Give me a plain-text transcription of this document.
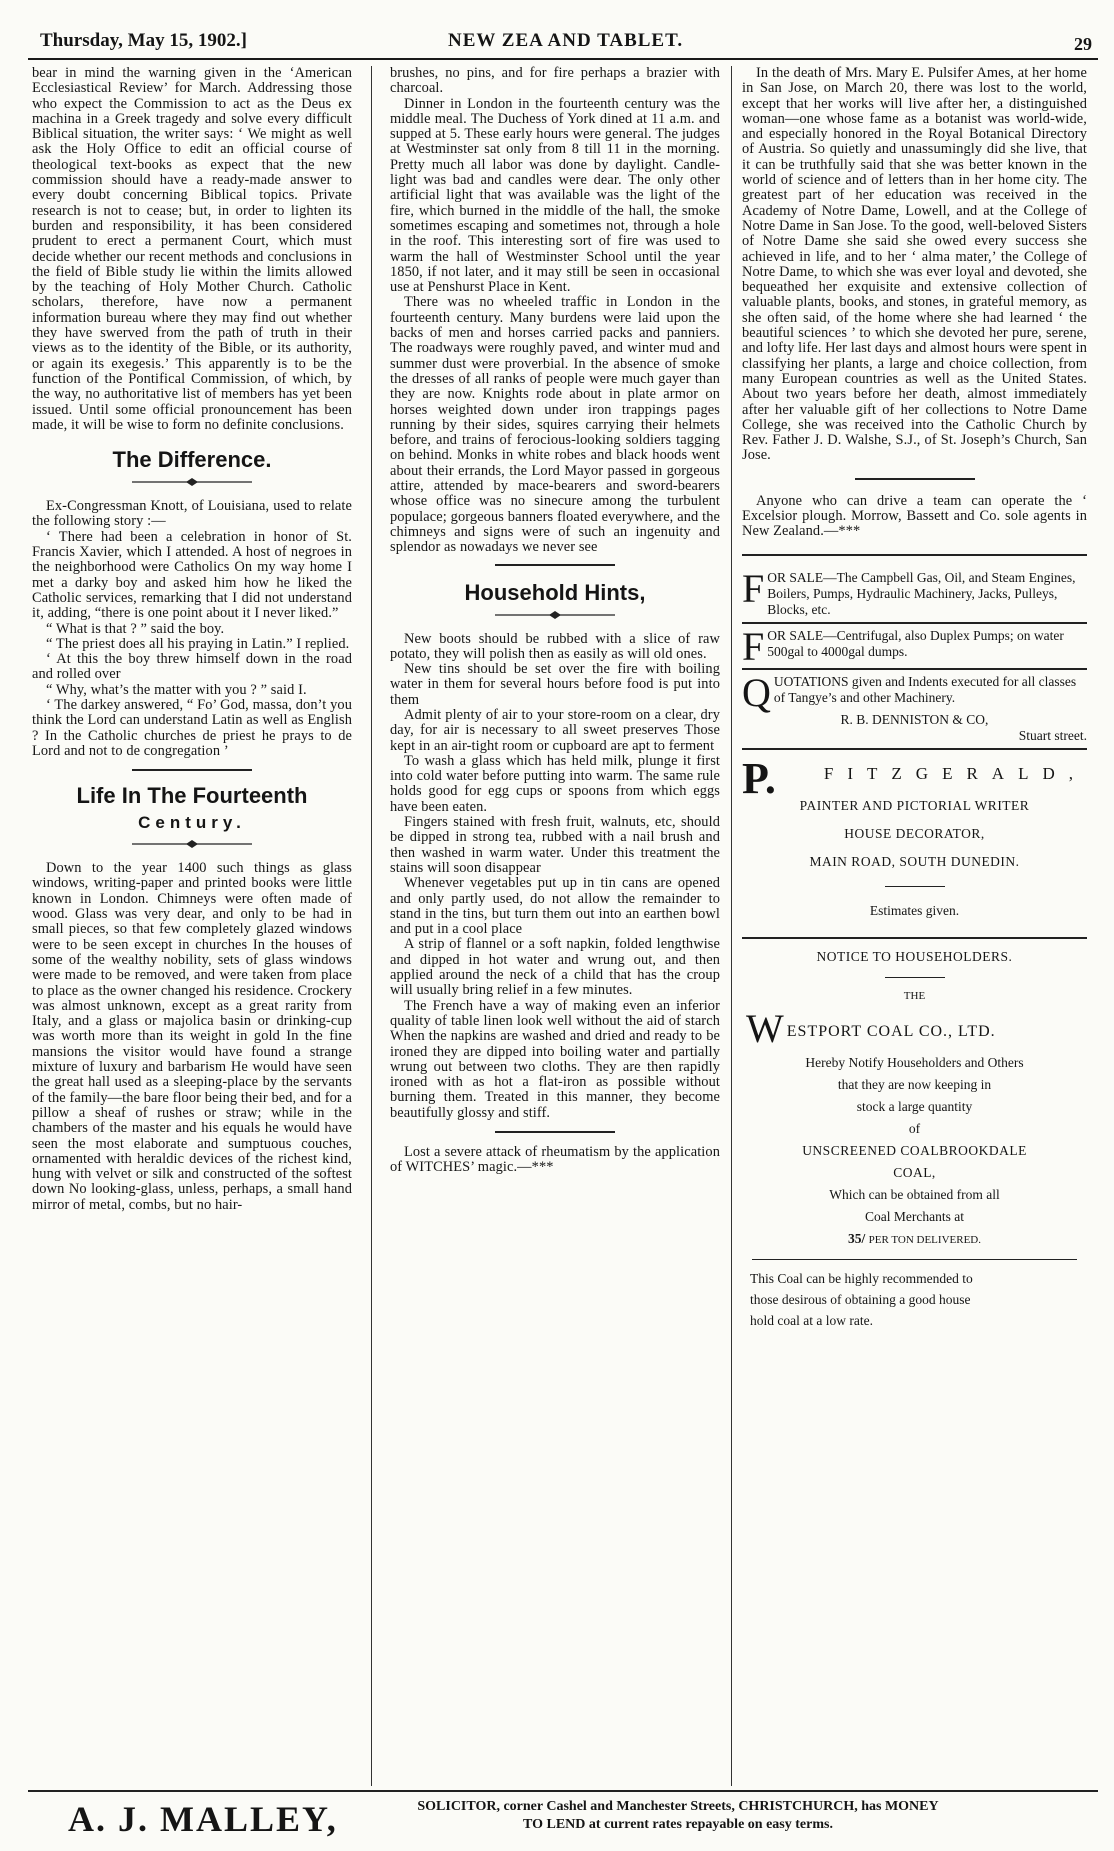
Thursday, May 15, 1902.]	NEW ZEA AND TABLET.	29

bear in mind the warning given in the ‘American Ecclesiastical Review’ for March. Addressing those who expect the Commission to act as the Deus ex machina in a Greek tragedy and solve every difficult Biblical situation, the writer says: ‘ We might as well ask the Holy Office to edit an official course of theological text-books as expect that the new commission should have a ready-made answer to every doubt concerning Biblical topics. Private research is not to cease; but, in order to lighten its burden and responsibility, it has been considered prudent to erect a permanent Court, which must decide whether our recent methods and conclusions in the field of Bible study lie within the limits allowed by the teaching of Holy Mother Church. Catholic scholars, therefore, have now a permanent information bureau where they may find out whether they have swerved from the path of truth in their views as to the identity of the Bible, or its authority, or again its exegesis.’ This apparently is to be the function of the Pontifical Commission, of which, by the way, no authoritative list of members has yet been issued. Until some official pronouncement has been made, it will be wise to form no definite conclusions.

The Difference.

Ex-Congressman Knott, of Louisiana, used to relate the following story :—

‘ There had been a celebration in honor of St. Francis Xavier, which I attended. A host of negroes in the neighborhood were Catholics On my way home I met a darky boy and asked him how he liked the Catholic services, remarking that I did not understand it, adding, “there is one point about it I never liked.”

“ What is that ? ” said the boy.

“ The priest does all his praying in Latin.” I replied.

‘ At this the boy threw himself down in the road and rolled over

“ Why, what’s the matter with you ? ” said I.

‘ The darkey answered, “ Fo’ God, massa, don’t you think the Lord can understand Latin as well as English ? In the Catholic churches de priest he prays to de Lord and not to de congregation ’

Life In The Fourteenth
Century.

Down to the year 1400 such things as glass windows, writing-paper and printed books were little known in London. Chimneys were often made of wood. Glass was very dear, and only to be had in small pieces, so that few completely glazed windows were to be seen except in churches In the houses of some of the wealthy nobility, sets of glass windows were made to be removed, and were taken from place to place as the owner changed his residence. Crockery was almost unknown, except as a great rarity from Italy, and a glass or majolica basin or drinking-cup was worth more than its weight in gold In the fine mansions the visitor would have found a strange mixture of luxury and barbarism He would have seen the great hall used as a sleeping-place by the servants of the family—the bare floor being their bed, and for a pillow a sheaf of rushes or straw; while in the chambers of the master and his equals he would have seen the most elaborate and sumptuous couches, ornamented with heraldic devices of the richest kind, hung with velvet or silk and constructed of the softest down No looking-glass, unless, perhaps, a small hand mirror of metal, combs, but no hair-

brushes, no pins, and for fire perhaps a brazier with charcoal.

Dinner in London in the fourteenth century was the middle meal. The Duchess of York dined at 11 a.m. and supped at 5. These early hours were general. The judges at Westminster sat only from 8 till 11 in the morning. Pretty much all labor was done by daylight. Candle-light was bad and candles were dear. The only other artificial light that was available was the light of the fire, which burned in the middle of the hall, the smoke sometimes escaping and sometimes not, through a hole in the roof. This interesting sort of fire was used to warm the hall of Westminster School until the year 1850, if not later, and it may still be seen in occasional use at Penshurst Place in Kent.

There was no wheeled traffic in London in the fourteenth century. Many burdens were laid upon the backs of men and horses carried packs and panniers. The roadways were roughly paved, and winter mud and summer dust were proverbial. In the absence of smoke the dresses of all ranks of people were much gayer than they are now. Knights rode about in plate armor on horses weighted down under iron trappings pages running by their sides, squires carrying their helmets before, and trains of ferocious-looking soldiers tagging on behind. Monks in white robes and black hoods went about their errands, the Lord Mayor passed in gorgeous attire, attended by mace-bearers and sword-bearers whose office was no sinecure among the turbulent populace; gorgeous banners floated everywhere, and the chimneys and signs were of such an ingenuity and splendor as nowadays we never see

Household Hints,

New boots should be rubbed with a slice of raw potato, they will polish then as easily as will old ones.

New tins should be set over the fire with boiling water in them for several hours before food is put into them

Admit plenty of air to your store-room on a clear, dry day, for air is necessary to all sweet preserves Those kept in an air-tight room or cupboard are apt to ferment

To wash a glass which has held milk, plunge it first into cold water before putting into warm. The same rule holds good for egg cups or spoons from which eggs have been eaten.

Fingers stained with fresh fruit, walnuts, etc, should be dipped in strong tea, rubbed with a nail brush and then washed in warm water. Under this treatment the stains will soon disappear

Whenever vegetables put up in tin cans are opened and only partly used, do not allow the remainder to stand in the tins, but turn them out into an earthen bowl and put in a cool place

A strip of flannel or a soft napkin, folded lengthwise and dipped in hot water and wrung out, and then applied around the neck of a child that has the croup will usually bring relief in a few minutes.

The French have a way of making even an inferior quality of table linen look well without the aid of starch When the napkins are washed and dried and ready to be ironed they are dipped into boiling water and partially wrung out between two cloths. They are then rapidly ironed with as hot a flat-iron as possible without burning them. Treated in this manner, they become beautifully glossy and stiff.

Lost a severe attack of rheumatism by the application of WITCHES’ magic.—***

In the death of Mrs. Mary E. Pulsifer Ames, at her home in San Jose, on March 20, there was lost to the world, except that her works will live after her, a distinguished woman—one whose fame as a botanist was world-wide, and especially honored in the Royal Botanical Directory of Austria. So quietly and unassumingly did she live, that it can be truthfully said that she was better known in the world of science and of letters than in her home city. The greatest part of her education was received in the Academy of Notre Dame, Lowell, and at the College of Notre Dame in San Jose. To the good, well-beloved Sisters of Notre Dame she said she owed every success she achieved in life, and to her ‘ alma mater,’ the College of Notre Dame, to which she was ever loyal and devoted, she bequeathed her exquisite and extensive collection of valuable plants, books, and stones, in grateful memory, as she often said, of the home where she had learned ‘ the beautiful sciences ’ to which she devoted her pure, serene, and lofty life. Her last days and almost hours were spent in classifying her plants, a large and choice collection, from many European countries as well as the United States. About two years before her death, almost immediately after her valuable gift of her collections to Notre Dame College, she was received into the Catholic Church by Rev. Father J. D. Walshe, S.J., of St. Joseph’s Church, San Jose.

Anyone who can drive a team can operate the ‘ Excelsior plough. Morrow, Bassett and Co. sole agents in New Zealand.—***

F OR SALE—The Campbell Gas, Oil, and Steam Engines, Boilers, Pumps, Hydraulic Machinery, Jacks, Pulleys, Blocks, etc.

F OR SALE—Centrifugal, also Duplex Pumps; on water 500gal to 4000gal dumps.

Q UOTATIONS given and Indents executed for all classes of Tangye’s and other Machinery.

R. B. DENNISTON & CO,

Stuart street.

P.	FITZGERALD,

PAINTER AND PICTORIAL WRITER

HOUSE DECORATOR,

MAIN ROAD, SOUTH DUNEDIN.

Estimates given.

NOTICE TO HOUSEHOLDERS.

THE

W ESTPORT COAL CO., LTD.

Hereby Notify Householders and Others

that they are now keeping in

stock a large quantity

of

UNSCREENED COALBROOKDALE

COAL,

Which can be obtained from all

Coal Merchants at

35/ PER TON DELIVERED.

This Coal can be highly recommended to

those desirous of obtaining a good house

hold coal at a low rate.

A. J. MALLEY,	SOLICITOR, corner Cashel and Manchester Streets, CHRISTCHURCH, has MONEY
TO LEND at current rates repayable on easy terms.
